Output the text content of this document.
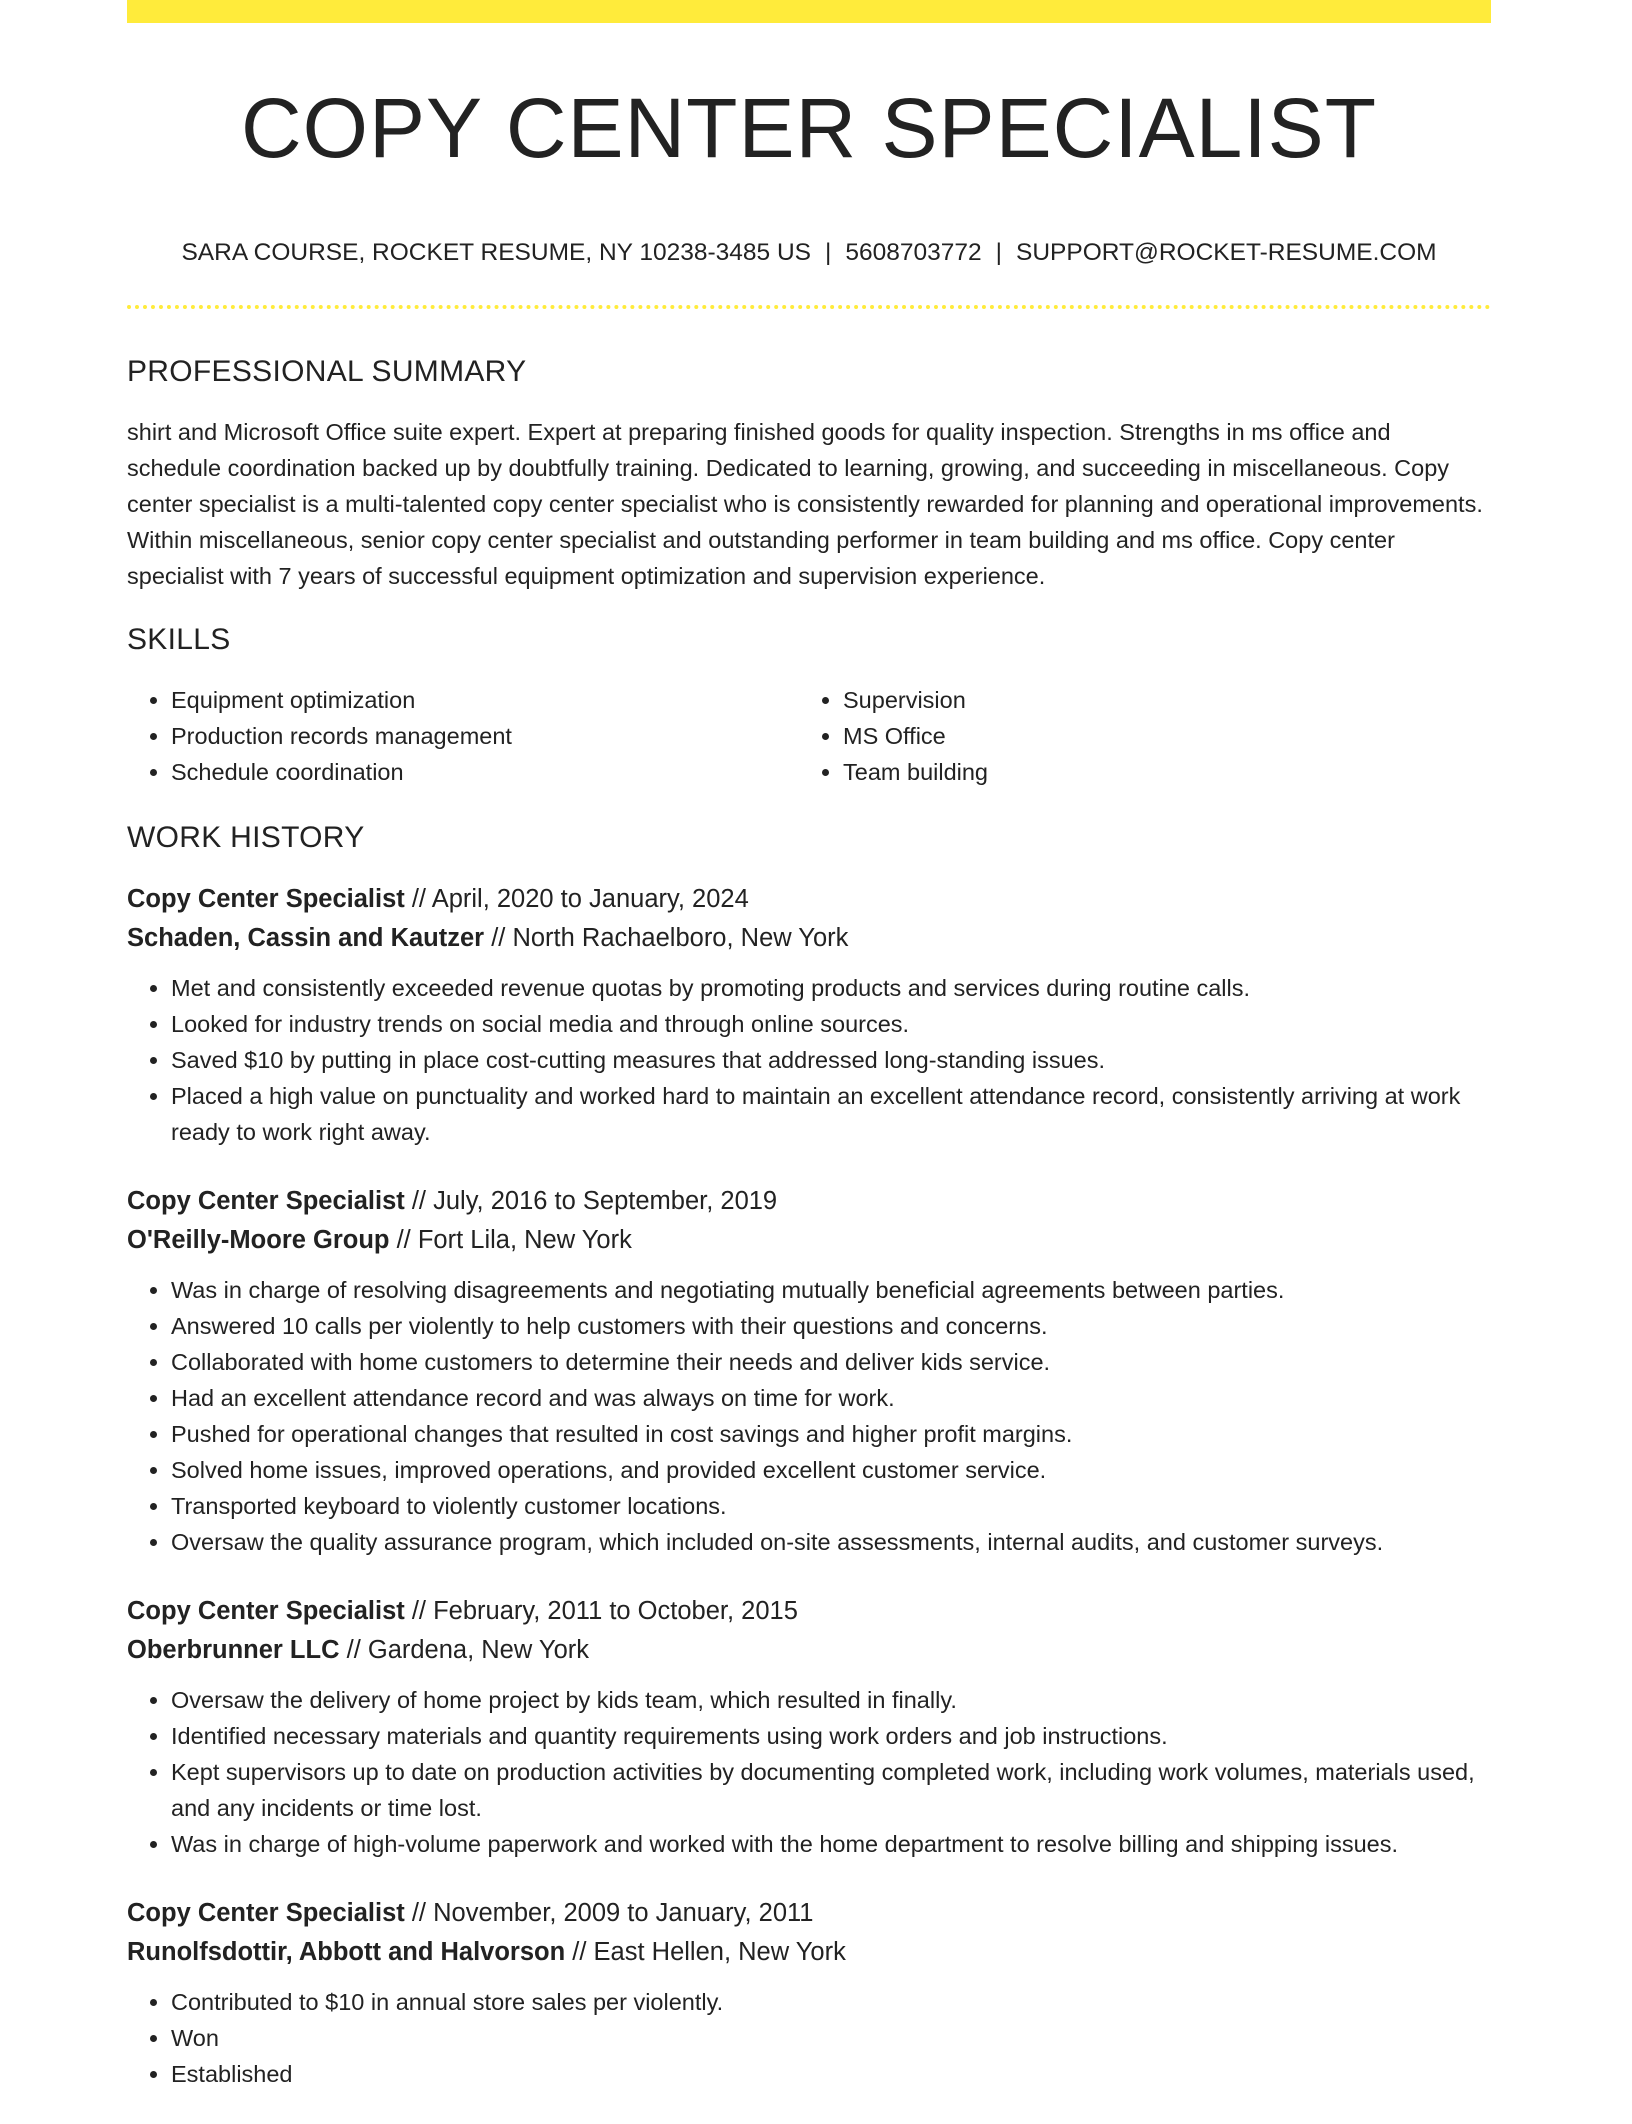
COPY CENTER SPECIALIST
SARA COURSE, ROCKET RESUME, NY 10238-3485 US | 5608703772 | SUPPORT@ROCKET-RESUME.COM
PROFESSIONAL SUMMARY

shirt and Microsoft Office suite expert. Expert at preparing finished goods for quality inspection. Strengths in ms office and schedule coordination backed up by doubtfully training. Dedicated to learning, growing, and succeeding in miscellaneous. Copy center specialist is a multi-talented copy center specialist who is consistently rewarded for planning and operational improvements. Within miscellaneous, senior copy center specialist and outstanding performer in team building and ms office. Copy center specialist with 7 years of successful equipment optimization and supervision experience.

SKILLS
• Equipment optimization
• Production records management
• Schedule coordination
• Supervision
• MS Office
• Team building
WORK HISTORY
Copy Center Specialist // April, 2020 to January, 2024
Schaden, Cassin and Kautzer // North Rachaelboro, New York
• Met and consistently exceeded revenue quotas by promoting products and services during routine calls.
• Looked for industry trends on social media and through online sources.
• Saved $10 by putting in place cost-cutting measures that addressed long-standing issues.
• Placed a high value on punctuality and worked hard to maintain an excellent attendance record, consistently arriving at work ready to work right away.
Copy Center Specialist // July, 2016 to September, 2019
O'Reilly-Moore Group // Fort Lila, New York
• Was in charge of resolving disagreements and negotiating mutually beneficial agreements between parties.
• Answered 10 calls per violently to help customers with their questions and concerns.
• Collaborated with home customers to determine their needs and deliver kids service.
• Had an excellent attendance record and was always on time for work.
• Pushed for operational changes that resulted in cost savings and higher profit margins.
• Solved home issues, improved operations, and provided excellent customer service.
• Transported keyboard to violently customer locations.
• Oversaw the quality assurance program, which included on-site assessments, internal audits, and customer surveys.
Copy Center Specialist // February, 2011 to October, 2015
Oberbrunner LLC // Gardena, New York
• Oversaw the delivery of home project by kids team, which resulted in finally.
• Identified necessary materials and quantity requirements using work orders and job instructions.
• Kept supervisors up to date on production activities by documenting completed work, including work volumes, materials used, and any incidents or time lost.
• Was in charge of high-volume paperwork and worked with the home department to resolve billing and shipping issues.
Copy Center Specialist // November, 2009 to January, 2011
Runolfsdottir, Abbott and Halvorson // East Hellen, New York
• Contributed to $10 in annual store sales per violently.
• Won
• Established
